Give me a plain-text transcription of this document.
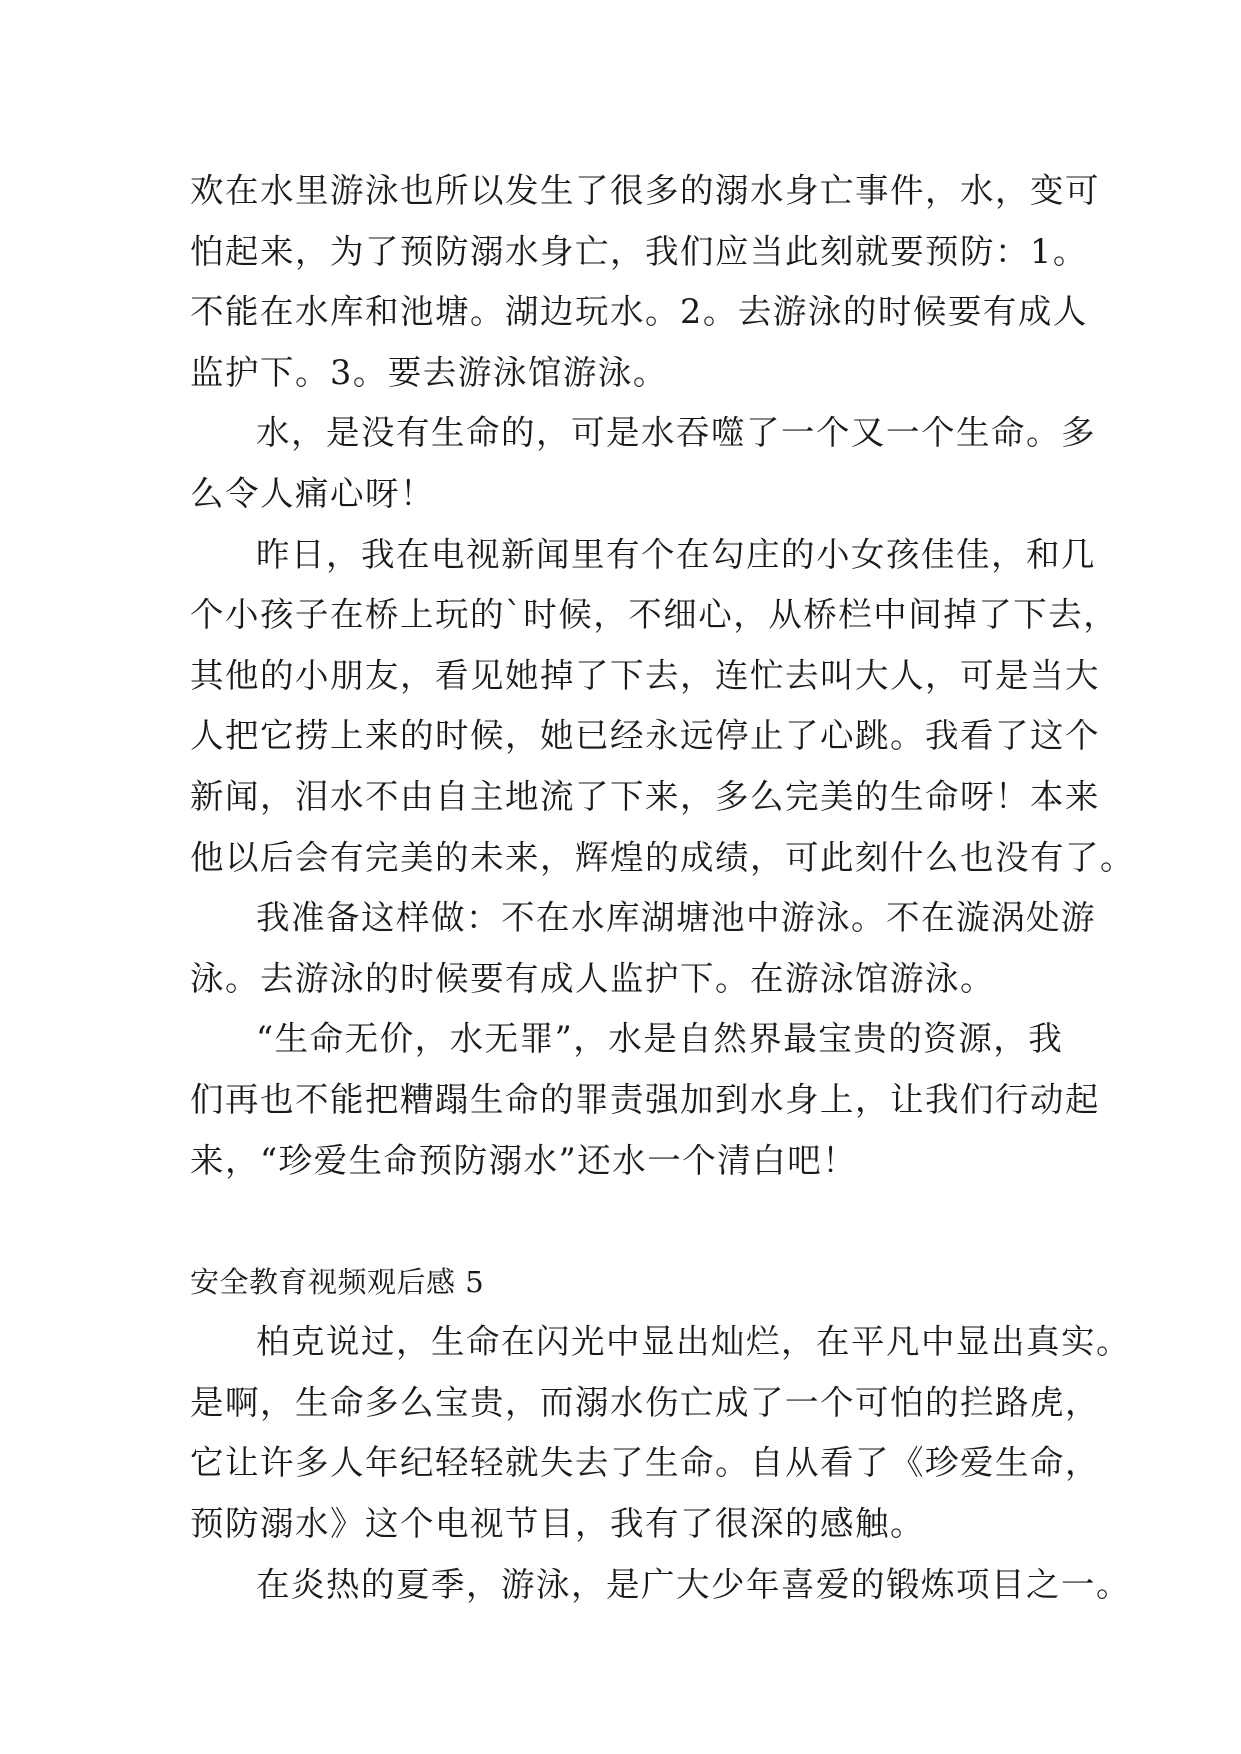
欢在水里游泳也所以发生了很多的溺水身亡事件，水，变可
怕起来，为了预防溺水身亡，我们应当此刻就要预防：1。
不能在水库和池塘。湖边玩水。2。去游泳的时候要有成人
监护下。3。要去游泳馆游泳。
水，是没有生命的，可是水吞噬了一个又一个生命。多
么令人痛心呀！
昨日，我在电视新闻里有个在勾庄的小女孩佳佳，和几
个小孩子在桥上玩的`时候，不细心，从桥栏中间掉了下去，
其他的小朋友，看见她掉了下去，连忙去叫大人，可是当大
人把它捞上来的时候，她已经永远停止了心跳。我看了这个
新闻，泪水不由自主地流了下来，多么完美的生命呀！本来
他以后会有完美的未来，辉煌的成绩，可此刻什么也没有了。
我准备这样做：不在水库湖塘池中游泳。不在漩涡处游
泳。去游泳的时候要有成人监护下。在游泳馆游泳。
“生命无价，水无罪”，水是自然界最宝贵的资源，我
们再也不能把糟蹋生命的罪责强加到水身上，让我们行动起
来，“珍爱生命预防溺水”还水一个清白吧！
安全教育视频观后感 5
柏克说过，生命在闪光中显出灿烂，在平凡中显出真实。
是啊，生命多么宝贵，而溺水伤亡成了一个可怕的拦路虎，
它让许多人年纪轻轻就失去了生命。自从看了《珍爱生命，
预防溺水》这个电视节目，我有了很深的感触。
在炎热的夏季，游泳，是广大少年喜爱的锻炼项目之一。
